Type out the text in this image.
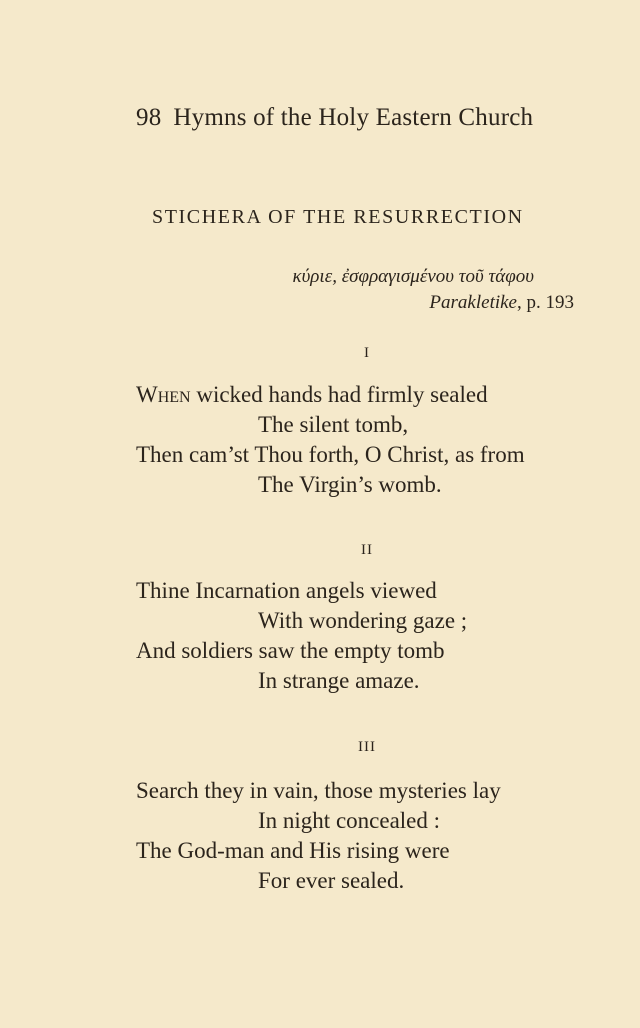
98 Hymns of the Holy Eastern Church
STICHERA OF THE RESURRECTION
κύριε, ἐσφραγισμένου τοῦ τάφου
Parakletike, p. 193
I
When wicked hands had firmly sealed
The silent tomb,
Then cam’st Thou forth, O Christ, as from
The Virgin’s womb.
II
Thine Incarnation angels viewed
With wondering gaze ;
And soldiers saw the empty tomb
In strange amaze.
III
Search they in vain, those mysteries lay
In night concealed :
The God-man and His rising were
For ever sealed.
